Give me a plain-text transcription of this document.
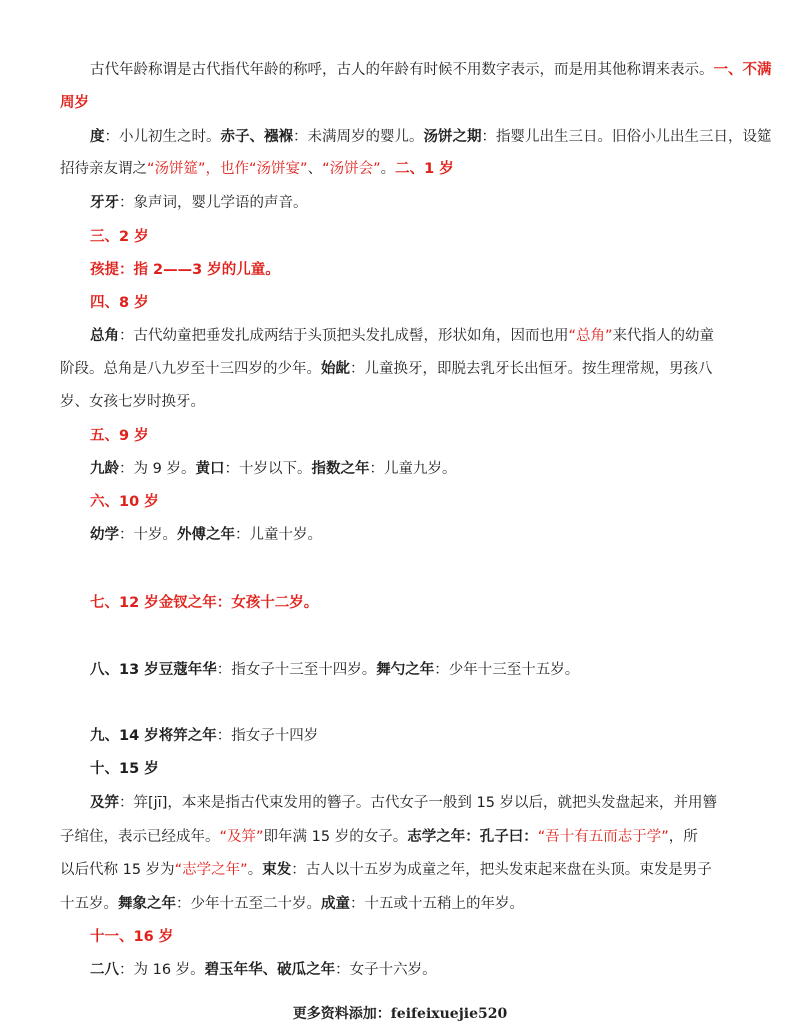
古代年龄称谓是古代指代年龄的称呼，古人的年龄有时候不用数字表示，而是用其他称谓来表示。一、不满
周岁
度：小儿初生之时。赤子、襁褓：未满周岁的婴儿。汤饼之期：指婴儿出生三日。旧俗小儿出生三日，设筵
招待亲友谓之“汤饼筵”，也作“汤饼宴”、“汤饼会”。二、1 岁
牙牙：象声词，婴儿学语的声音。
三、2 岁
孩提：指 2——3 岁的儿童。
四、8 岁
总角：古代幼童把垂发扎成两结于头顶把头发扎成髻，形状如角，因而也用“总角”来代指人的幼童
阶段。总角是八九岁至十三四岁的少年。始龀：儿童换牙，即脱去乳牙长出恒牙。按生理常规，男孩八
岁、女孩七岁时换牙。
五、9 岁
九龄：为 9 岁。黄口：十岁以下。指数之年：儿童九岁。
六、10 岁
幼学：十岁。外傅之年：儿童十岁。
七、12 岁金钗之年：女孩十二岁。
八、13 岁豆蔻年华：指女子十三至十四岁。舞勺之年：少年十三至十五岁。
九、14 岁将笄之年：指女子十四岁
十、15 岁
及笄：笄[jī]，本来是指古代束发用的簪子。古代女子一般到 15 岁以后，就把头发盘起来，并用簪
子绾住，表示已经成年。“及笄”即年满 15 岁的女子。志学之年：孔子曰：“吾十有五而志于学”，所
以后代称 15 岁为“志学之年”。束发：古人以十五岁为成童之年，把头发束起来盘在头顶。束发是男子
十五岁。舞象之年：少年十五至二十岁。成童：十五或十五稍上的年岁。
十一、16 岁
二八：为 16 岁。碧玉年华、破瓜之年：女子十六岁。
更多资料添加：feifeixuejie520
